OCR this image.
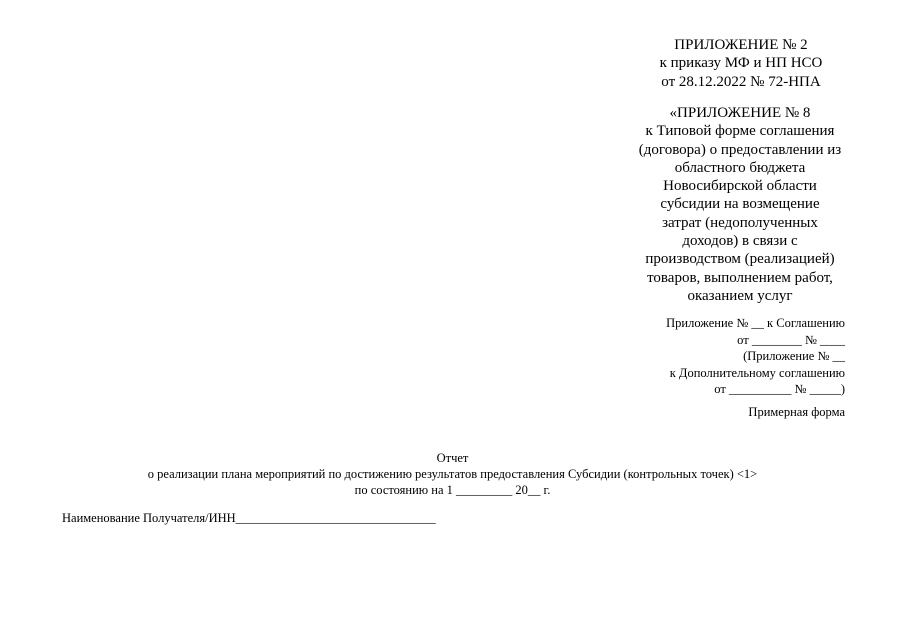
ПРИЛОЖЕНИЕ № 2
к приказу МФ и НП НСО
от 28.12.2022 № 72-НПА
«ПРИЛОЖЕНИЕ № 8
к Типовой форме соглашения
(договора) о предоставлении из
областного бюджета
Новосибирской области
субсидии на возмещение
затрат (недополученных
доходов) в связи с
производством (реализацией)
товаров, выполнением работ,
оказанием услуг
Приложение № __ к Соглашению
от ________ № ____
(Приложение № __
к Дополнительному соглашению
от __________ № _____)
Примерная форма
Отчет
о реализации плана мероприятий по достижению результатов предоставления Субсидии (контрольных точек) <1>
по состоянию на 1 _________ 20__ г.
Наименование Получателя/ИНН________________________________
